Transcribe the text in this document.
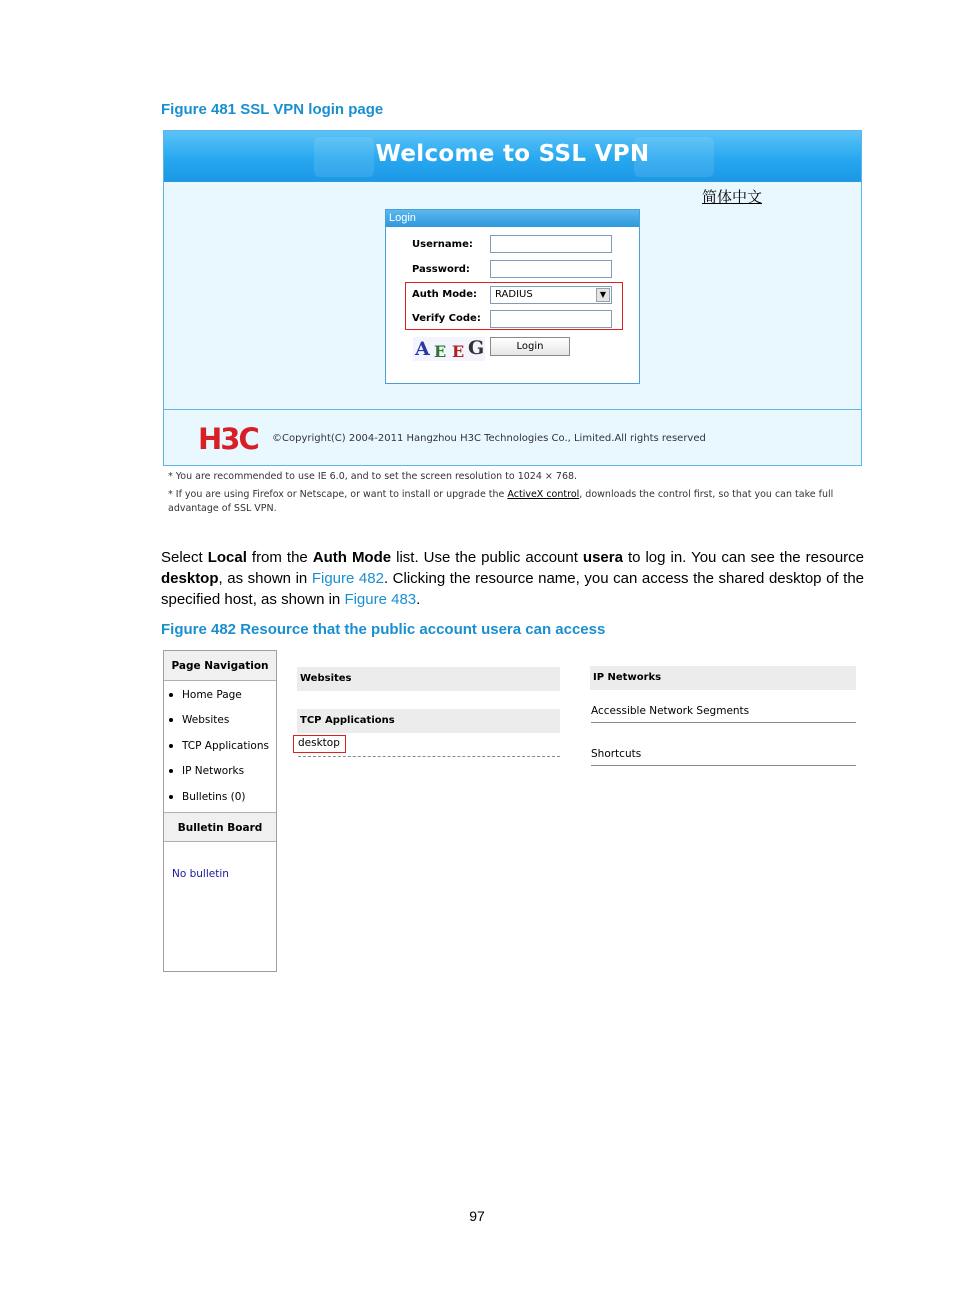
Figure 481 SSL VPN login page
Welcome to SSL VPN
简体中文
Login
Username:
Password:
Auth Mode:	RADIUS	▼
Verify Code:
A E E G	Login
H3C ©Copyright(C) 2004-2011 Hangzhou H3C Technologies Co., Limited.All rights reserved
* You are recommended to use IE 6.0, and to set the screen resolution to 1024 × 768.
* If you are using Firefox or Netscape, or want to install or upgrade the ActiveX control, downloads the control first, so that you can take full advantage of SSL VPN.
Select Local from the Auth Mode list. Use the public account usera to log in. You can see the resource desktop, as shown in Figure 482. Clicking the resource name, you can access the shared desktop of the specified host, as shown in Figure 483.
Figure 482 Resource that the public account usera can access
Page Navigation
Home Page
Websites
TCP Applications
IP Networks
Bulletins (0)
Bulletin Board
No bulletin
Websites
TCP Applications
desktop
IP Networks
Accessible Network Segments
Shortcuts
97
